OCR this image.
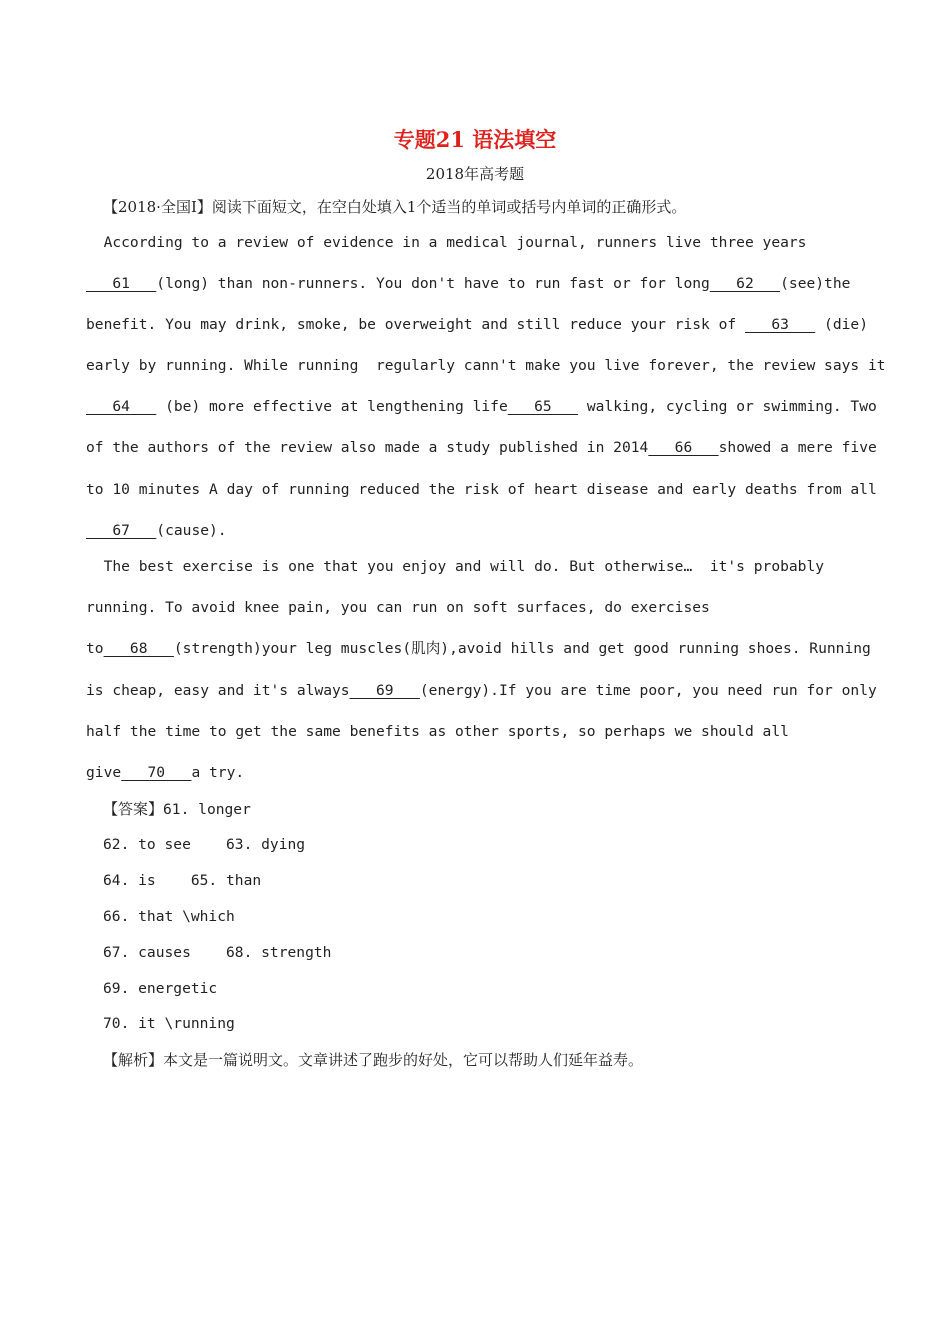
专题21 语法填空
2018年高考题
【2018·全国I】阅读下面短文，在空白处填入1个适当的单词或括号内单词的正确形式。
According to a review of evidence in a medical journal, runners live three years
61   (long) than non-runners. You don't have to run fast or for long   62   (see)the
benefit. You may drink, smoke, be overweight and still reduce your risk of    63    (die)
early by running. While running  regularly cann't make you live forever, the review says it
64    (be) more effective at lengthening life   65    walking, cycling or swimming. Two
of the authors of the review also made a study published in 2014   66   showed a mere five
to 10 minutes A day of running reduced the risk of heart disease and early deaths from all
67   (cause).
The best exercise is one that you enjoy and will do. But otherwise…  it's probably
running. To avoid knee pain, you can run on soft surfaces, do exercises
to   68   (strength)your leg muscles(肌肉),avoid hills and get good running shoes. Running
is cheap, easy and it's always   69   (energy).If you are time poor, you need run for only
half the time to get the same benefits as other sports, so perhaps we should all
give   70   a try.
【答案】61. longer
62. to see    63. dying
64. is    65. than
66. that \which
67. causes    68. strength
69. energetic
70. it \running
【解析】本文是一篇说明文。文章讲述了跑步的好处，它可以帮助人们延年益寿。
